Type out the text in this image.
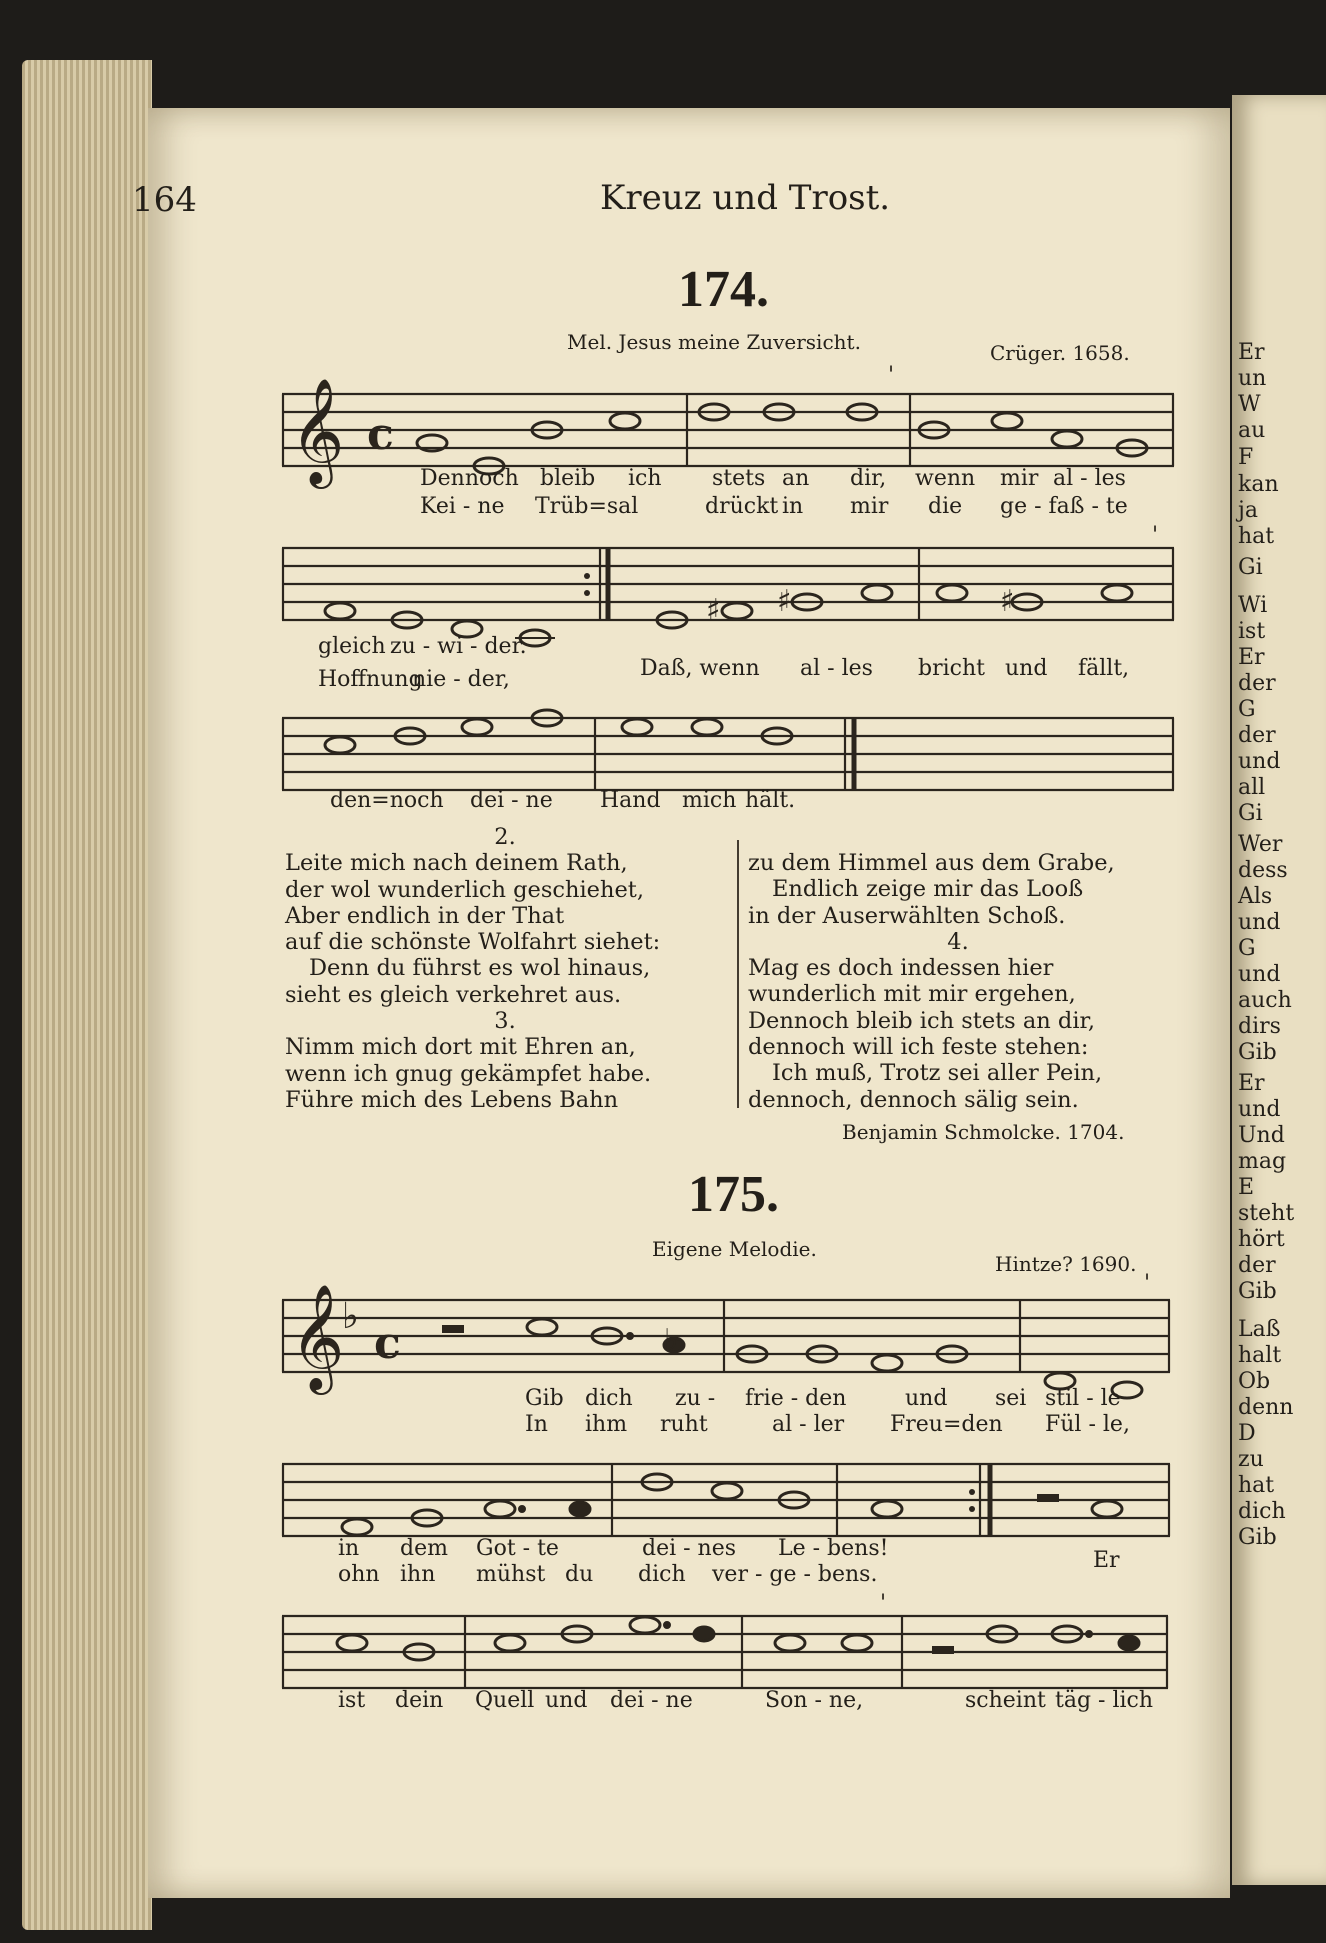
Er
un
W
au
F
kan
ja
hat
Gi
Wi
ist
Er
der
G
der
und
all
Gi
Wer
dess
Als
und
G
und
auch
dirs
Gib
Er
und
Und
mag
E
steht
hört
der
Gib
Laß
halt
Ob
denn
D
zu
hat
dich
Gib
164	Kreuz und Trost.
174.
Mel. Jesus meine Zuversicht.	Crüger. 1658.
𝄞 c
'
Dennoch bleib ich stets an dir, wenn mir al - les
Kei - ne Trüb=sal	drückt in mir die ge - faß - te
♯ ♯	♯
'
gleich zu - wi - der.
Daß, wenn al - les bricht und fällt,
Hoffnung
nie - der,
den=noch dei - ne Hand mich hält.
2.
Leite mich nach deinem Rath,
der wol wunderlich geschiehet,
Aber endlich in der That
auf die schönste Wolfahrt siehet:
Denn du führst es wol hinaus,
sieht es gleich verkehret aus.
3.
Nimm mich dort mit Ehren an,
wenn ich gnug gekämpfet habe.
Führe mich des Lebens Bahn
zu dem Himmel aus dem Grabe,
Endlich zeige mir das Looß
in der Auserwählten Schoß.
4.
Mag es doch indessen hier
wunderlich mit mir ergehen,
Dennoch bleib ich stets an dir,
dennoch will ich feste stehen:
Ich muß, Trotz sei aller Pein,
dennoch, dennoch sälig sein.
Benjamin Schmolcke. 1704.
175.
Eigene Melodie.
Hintze? 1690.
𝄞
♭
c	♭
'
Gib dich zu - frie - den	und sei stil - le
In ihm ruht	al - ler Freu=den Fül - le,
in dem Got - te	dei - nes Le - bens!	Er
ohn ihn mühst du dich ver - ge - bens.
'
ist dein Quell und dei - ne	Son - ne,	scheint täg - lich
